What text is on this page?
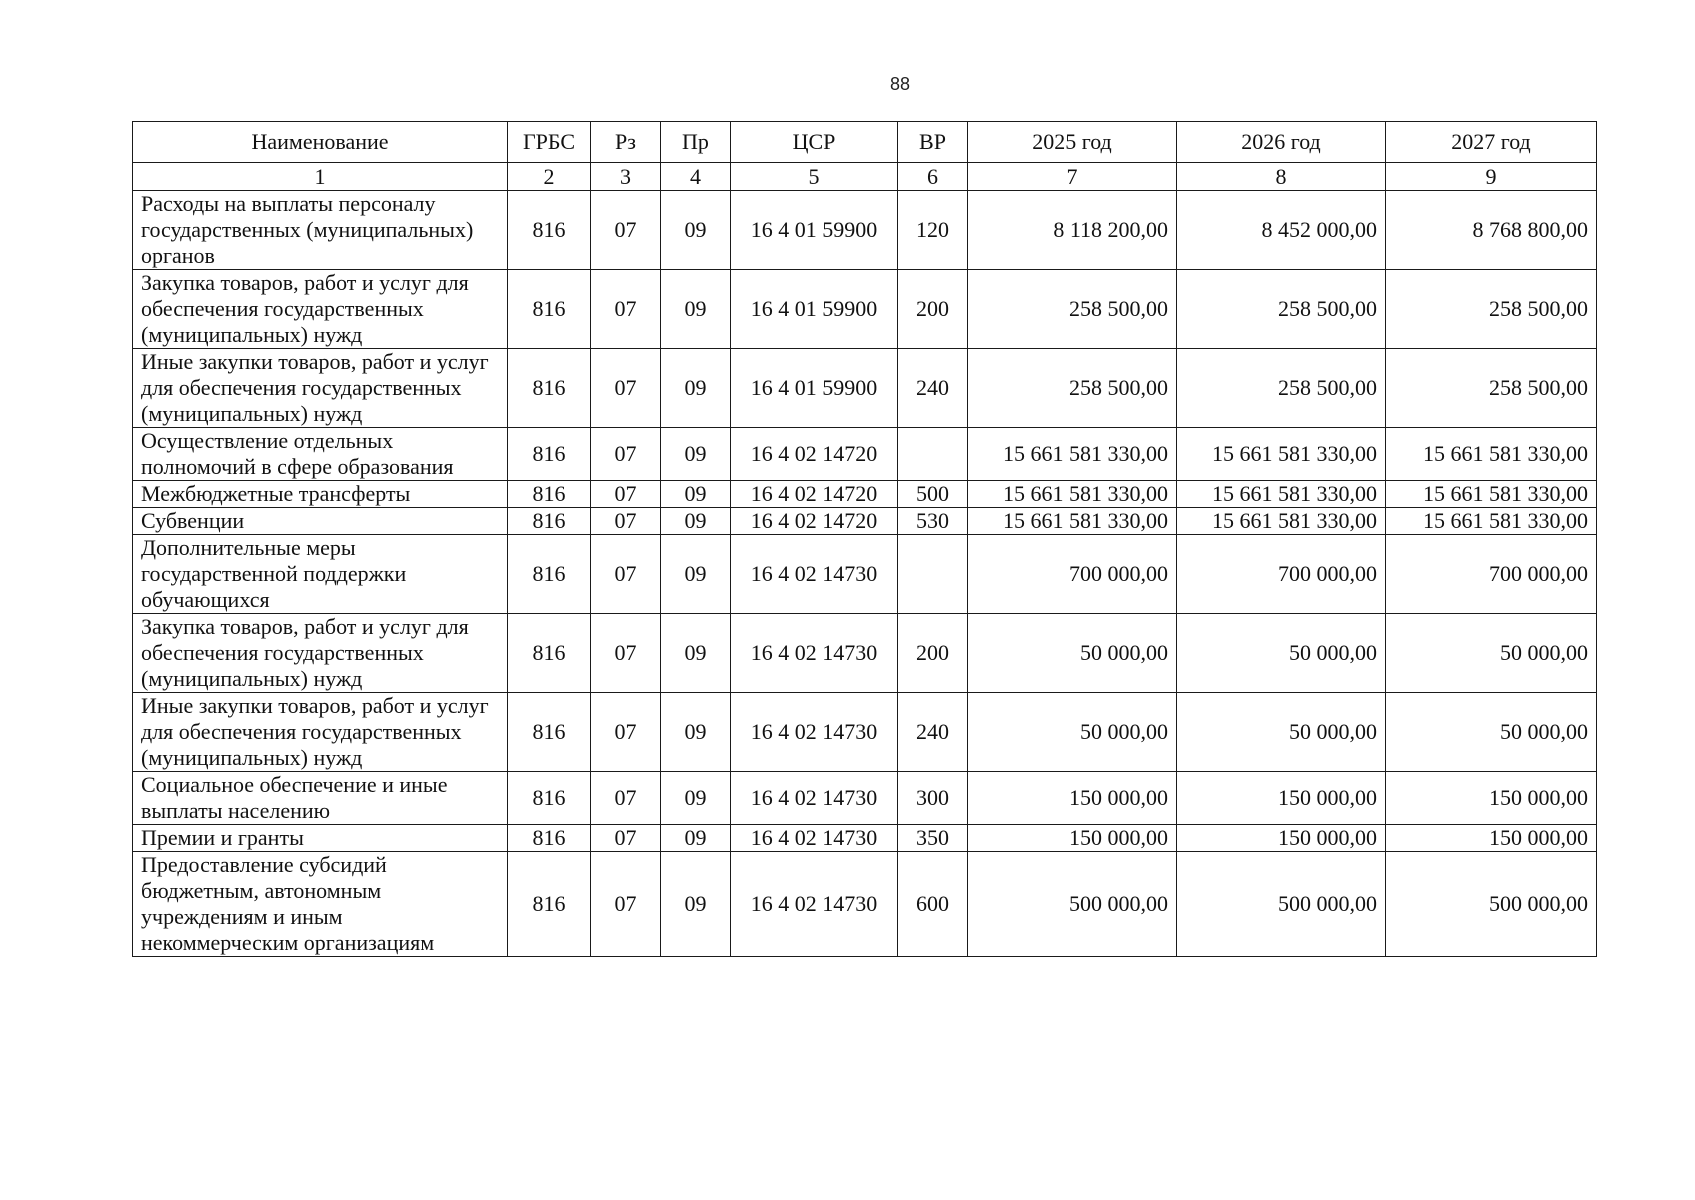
88
Наименование	ГРБС	Рз	Пр	ЦСР	ВР	2025 год	2026 год	2027 год
1	2	3	4	5	6	7	8	9
Расходы на выплаты персоналу государственных (муниципальных) органов	816	07	09	16 4 01 59900	120	8 118 200,00	8 452 000,00	8 768 800,00
Закупка товаров, работ и услуг для обеспечения государственных (муниципальных) нужд	816	07	09	16 4 01 59900	200	258 500,00	258 500,00	258 500,00
Иные закупки товаров, работ и услуг для обеспечения государственных (муниципальных) нужд	816	07	09	16 4 01 59900	240	258 500,00	258 500,00	258 500,00
Осуществление отдельных полномочий в сфере образования	816	07	09	16 4 02 14720		15 661 581 330,00	15 661 581 330,00	15 661 581 330,00
Межбюджетные трансферты	816	07	09	16 4 02 14720	500	15 661 581 330,00	15 661 581 330,00	15 661 581 330,00
Субвенции	816	07	09	16 4 02 14720	530	15 661 581 330,00	15 661 581 330,00	15 661 581 330,00
Дополнительные меры государственной поддержки обучающихся	816	07	09	16 4 02 14730		700 000,00	700 000,00	700 000,00
Закупка товаров, работ и услуг для обеспечения государственных (муниципальных) нужд	816	07	09	16 4 02 14730	200	50 000,00	50 000,00	50 000,00
Иные закупки товаров, работ и услуг для обеспечения государственных (муниципальных) нужд	816	07	09	16 4 02 14730	240	50 000,00	50 000,00	50 000,00
Социальное обеспечение и иные выплаты населению	816	07	09	16 4 02 14730	300	150 000,00	150 000,00	150 000,00
Премии и гранты	816	07	09	16 4 02 14730	350	150 000,00	150 000,00	150 000,00
Предоставление субсидий бюджетным, автономным учреждениям и иным некоммерческим организациям	816	07	09	16 4 02 14730	600	500 000,00	500 000,00	500 000,00
